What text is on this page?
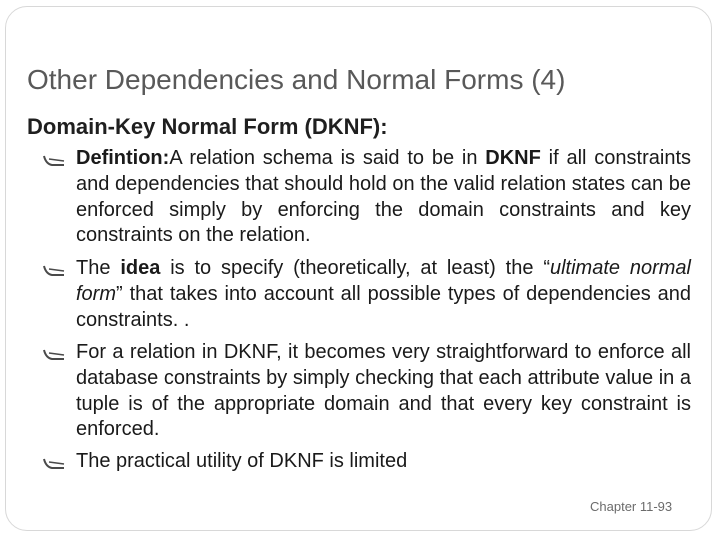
Other Dependencies and Normal Forms (4)
Domain-Key Normal Form (DKNF):

Defintion:A relation schema is said to be in DKNF if all constraints and dependencies that should hold on the valid relation states can be enforced simply by enforcing the domain constraints and key constraints on the relation.

The idea is to specify (theoretically, at least) the “ultimate normal form” that takes into account all possible types of dependencies and constraints. .

For a relation in DKNF, it becomes very straightforward to enforce all database constraints by simply checking that each attribute value in a tuple is of the appropriate domain and that every key constraint is enforced.

The practical utility of DKNF is limited

Chapter 11-93
